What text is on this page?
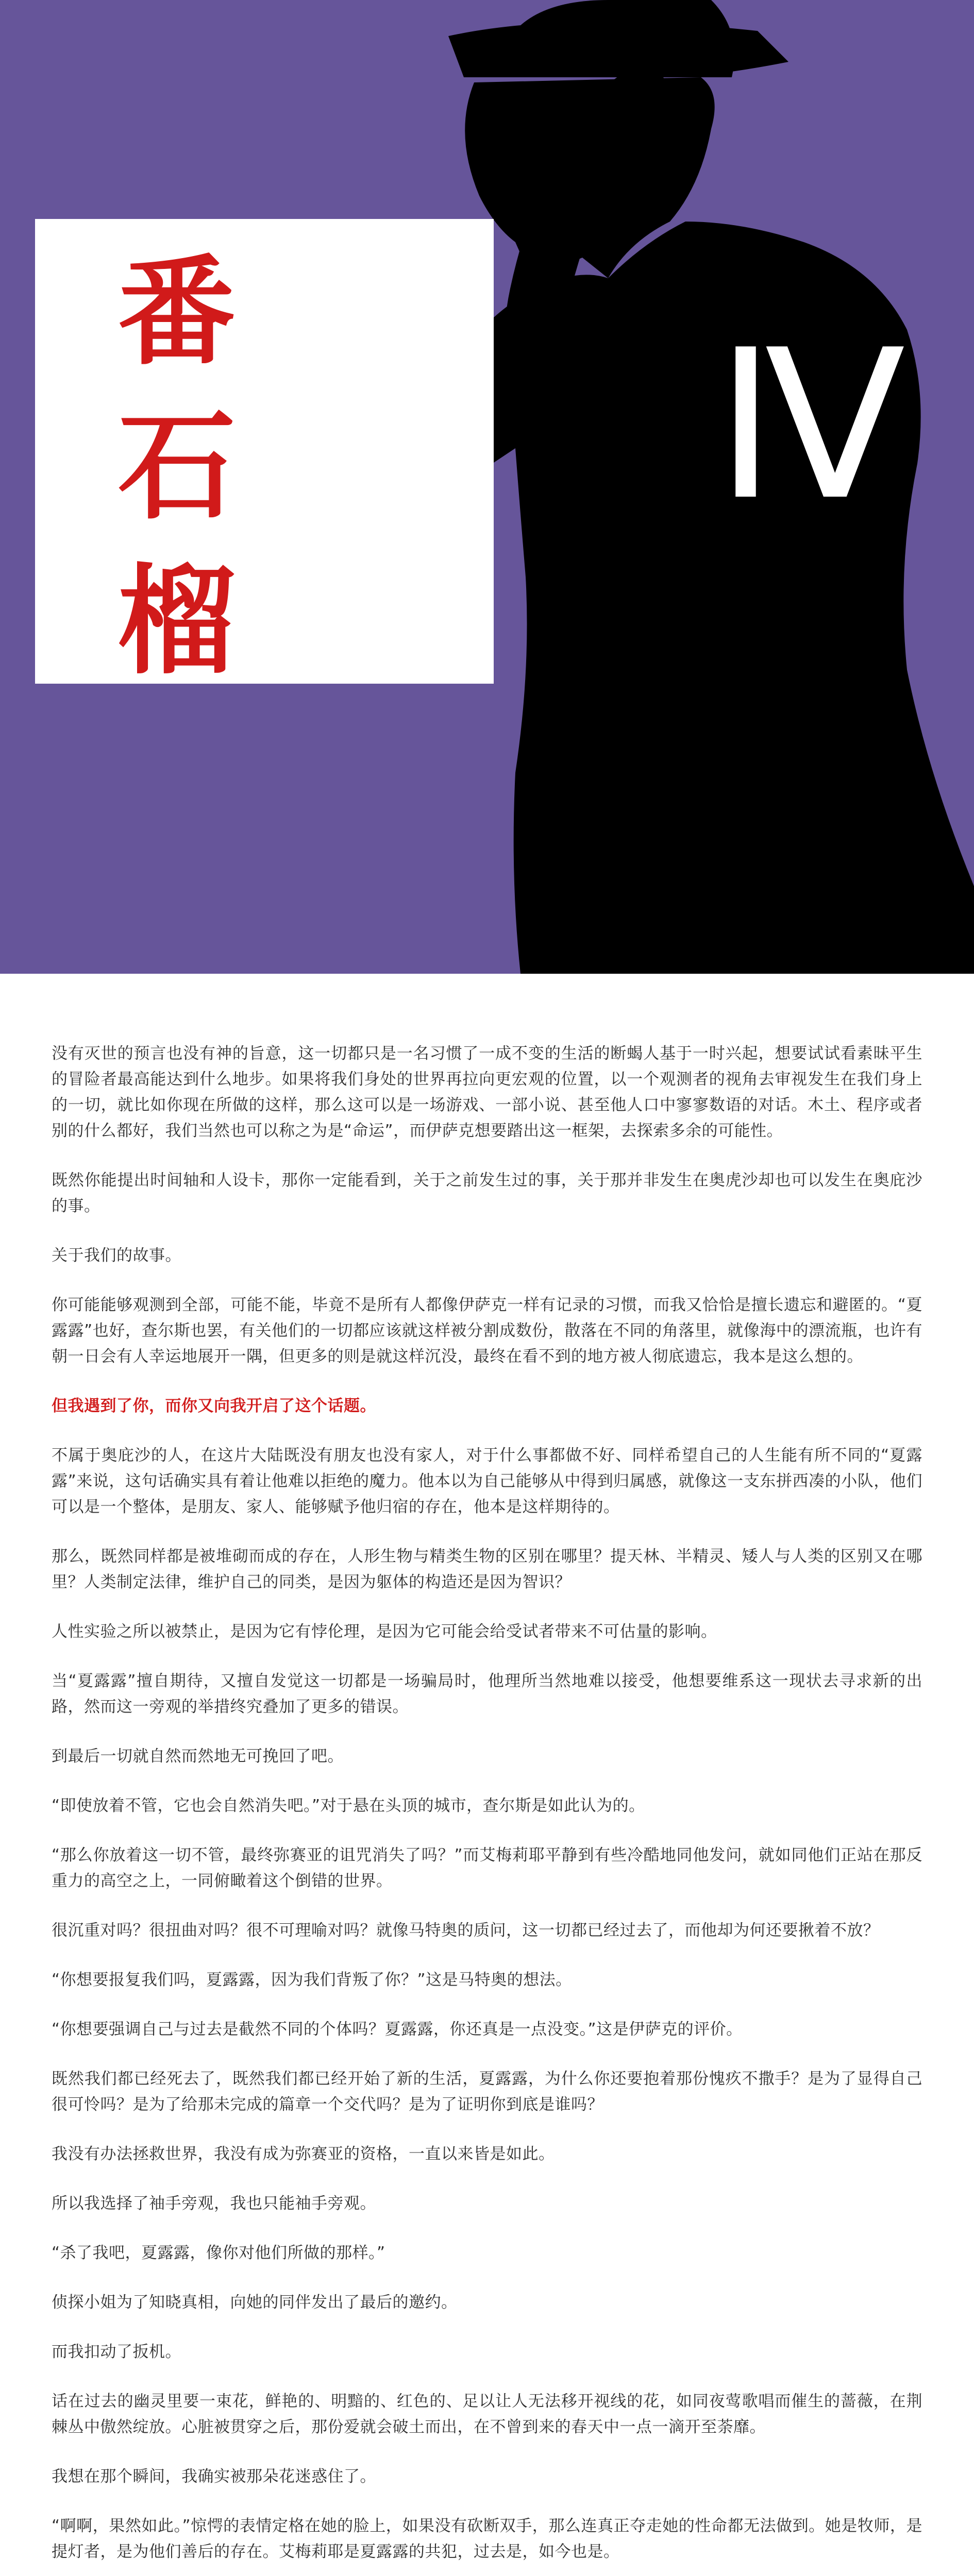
番石榴
Ⅳ

没有灭世的预言也没有神的旨意，这一切都只是一名习惯了一成不变的生活的断蝎人基于一时兴起，想要试试看素昧平生的冒险者最高能达到什么地步。如果将我们身处的世界再拉向更宏观的位置，以一个观测者的视角去审视发生在我们身上的一切，就比如你现在所做的这样，那么这可以是一场游戏、一部小说、甚至他人口中寥寥数语的对话。木土、程序或者别的什么都好，我们当然也可以称之为是“命运”，而伊萨克想要踏出这一框架，去探索多余的可能性。

既然你能提出时间轴和人设卡，那你一定能看到，关于之前发生过的事，关于那并非发生在奥虎沙却也可以发生在奥庇沙的事。

关于我们的故事。

你可能能够观测到全部，可能不能，毕竟不是所有人都像伊萨克一样有记录的习惯，而我又恰恰是擅长遗忘和避匿的。“夏露露”也好，查尔斯也罢，有关他们的一切都应该就这样被分割成数份，散落在不同的角落里，就像海中的漂流瓶，也许有朝一日会有人幸运地展开一隅，但更多的则是就这样沉没，最终在看不到的地方被人彻底遗忘，我本是这么想的。

但我遇到了你，而你又向我开启了这个话题。

不属于奥庇沙的人，在这片大陆既没有朋友也没有家人，对于什么事都做不好、同样希望自己的人生能有所不同的“夏露露”来说，这句话确实具有着让他难以拒绝的魔力。他本以为自己能够从中得到归属感，就像这一支东拼西凑的小队，他们可以是一个整体，是朋友、家人、能够赋予他归宿的存在，他本是这样期待的。

那么，既然同样都是被堆砌而成的存在，人形生物与精类生物的区别在哪里？提天林、半精灵、矮人与人类的区别又在哪里？人类制定法律，维护自己的同类，是因为躯体的构造还是因为智识？

人性实验之所以被禁止，是因为它有悖伦理，是因为它可能会给受试者带来不可估量的影响。

当“夏露露”擅自期待，又擅自发觉这一切都是一场骗局时，他理所当然地难以接受，他想要维系这一现状去寻求新的出路，然而这一旁观的举措终究叠加了更多的错误。

到最后一切就自然而然地无可挽回了吧。

“即使放着不管，它也会自然消失吧。”对于悬在头顶的城市，查尔斯是如此认为的。

“那么你放着这一切不管，最终弥赛亚的诅咒消失了吗？”而艾梅莉耶平静到有些冷酷地同他发问，就如同他们正站在那反重力的高空之上，一同俯瞰着这个倒错的世界。

很沉重对吗？很扭曲对吗？很不可理喻对吗？就像马特奥的质问，这一切都已经过去了，而他却为何还要揪着不放？

“你想要报复我们吗，夏露露，因为我们背叛了你？”这是马特奥的想法。

“你想要强调自己与过去是截然不同的个体吗？夏露露，你还真是一点没变。”这是伊萨克的评价。

既然我们都已经死去了，既然我们都已经开始了新的生活，夏露露，为什么你还要抱着那份愧疚不撒手？是为了显得自己很可怜吗？是为了给那未完成的篇章一个交代吗？是为了证明你到底是谁吗？

我没有办法拯救世界，我没有成为弥赛亚的资格，一直以来皆是如此。

所以我选择了袖手旁观，我也只能袖手旁观。

“杀了我吧，夏露露，像你对他们所做的那样。”

侦探小姐为了知晓真相，向她的同伴发出了最后的邀约。

而我扣动了扳机。

话在过去的幽灵里要一束花，鲜艳的、明黯的、红色的、足以让人无法移开视线的花，如同夜莺歌唱而催生的蔷薇，在荆棘丛中傲然绽放。心脏被贯穿之后，那份爱就会破土而出，在不曾到来的春天中一点一滴开至荼靡。

我想在那个瞬间，我确实被那朵花迷惑住了。

“啊啊，果然如此。”惊愕的表情定格在她的脸上，如果没有砍断双手，那么连真正夺走她的性命都无法做到。她是牧师，是提灯者，是为他们善后的存在。艾梅莉耶是夏露露的共犯，过去是，如今也是。
